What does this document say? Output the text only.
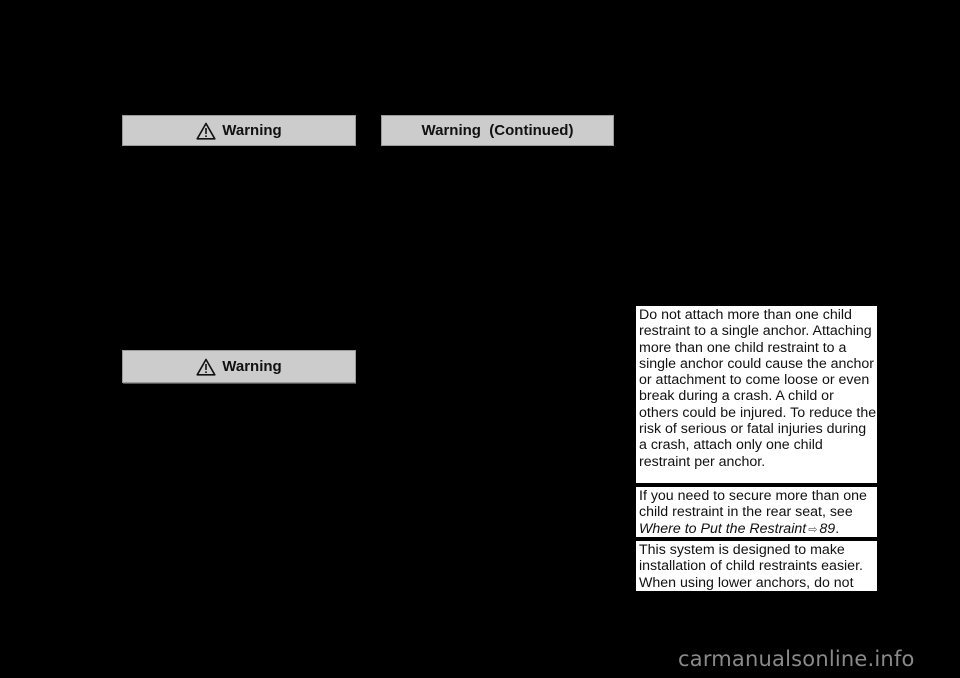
Warning	Warning  (Continued)
Warning

Do not attach more than one child restraint to a single anchor. Attaching more than one child restraint to a single anchor could cause the anchor or attachment to come loose or even break during a crash. A child or others could be injured. To reduce the risk of serious or fatal injuries during a crash, attach only one child restraint per anchor.

If you need to secure more than one child restraint in the rear seat, see Where to Put the Restraint ⇨ 89.

This system is designed to make installation of child restraints easier. When using lower anchors, do not

carmanualsonline.info
